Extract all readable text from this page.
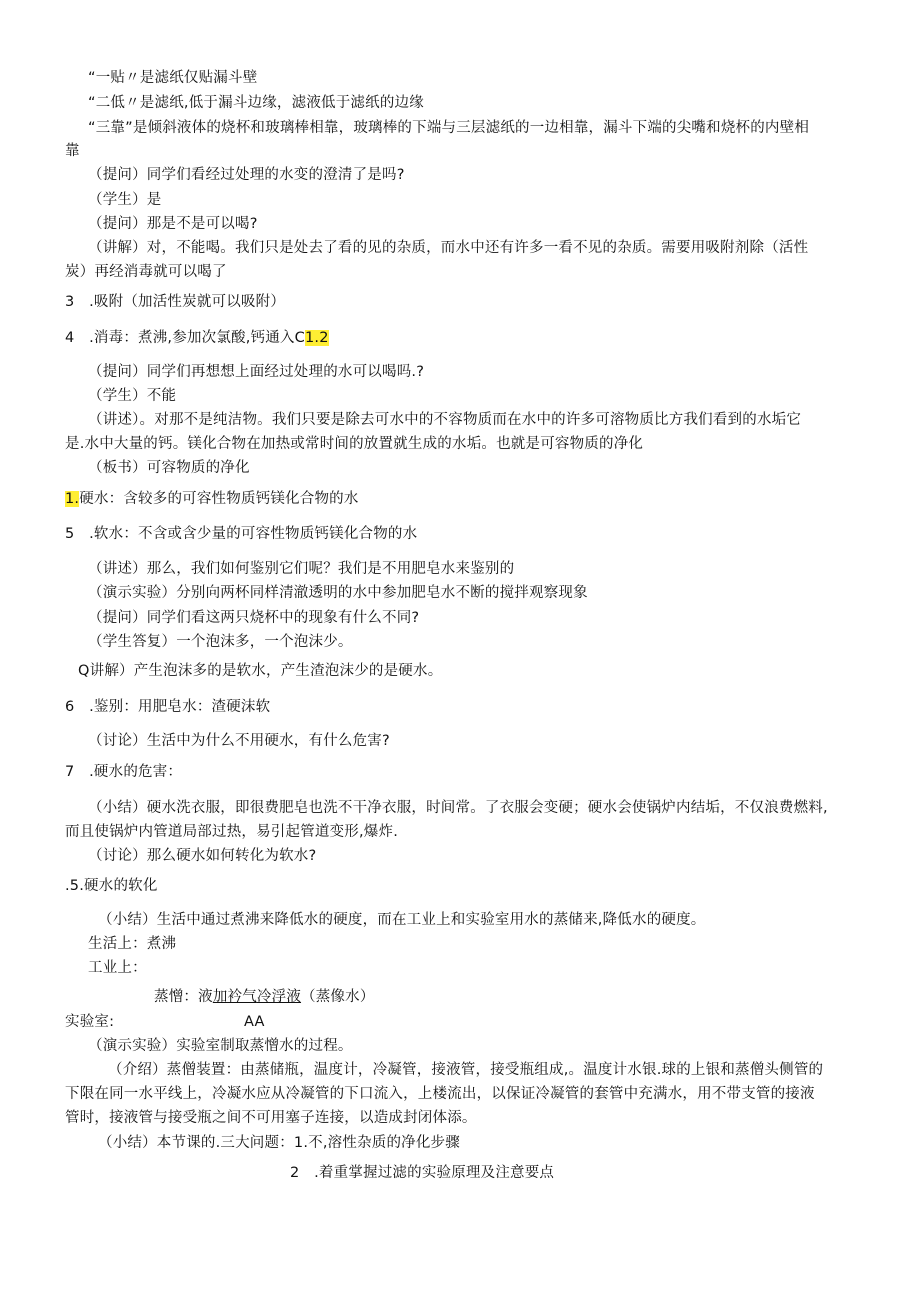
“一贴〃是滤纸仅贴漏斗壁
“二低〃是滤纸,低于漏斗边缘，滤液低于滤纸的边缘
“三靠”是倾斜液体的烧杯和玻璃棒相靠，玻璃棒的下端与三层滤纸的一边相靠，漏斗下端的尖嘴和烧杯的内壁相
靠
（提问）同学们看经过处理的水变的澄清了是吗?
（学生）是
（提问）那是不是可以喝?
（讲解）对，不能喝。我们只是处去了看的见的杂质，而水中还有许多一看不见的杂质。需要用吸附剂除（活性
炭）再经消毒就可以喝了
3　.吸附（加活性炭就可以吸附）
4　.消毒：煮沸,参加次氯酸,钙通入C1.2
（提问）同学们再想想上面经过处理的水可以喝吗.?
（学生）不能
（讲述）。对那不是纯洁物。我们只要是除去可水中的不容物质而在水中的许多可溶物质比方我们看到的水垢它
是.水中大量的钙。镁化合物在加热或常时间的放置就生成的水垢。也就是可容物质的净化
（板书）可容物质的净化
1.硬水：含较多的可容性物质钙镁化合物的水
5　.软水：不含或含少量的可容性物质钙镁化合物的水
（讲述）那么，我们如何鉴别它们呢？我们是不用肥皂水来鉴别的
（演示实验）分别向两杯同样清澈透明的水中参加肥皂水不断的搅拌观察现象
（提问）同学们看这两只烧杯中的现象有什么不同?
（学生答复）一个泡沫多，一个泡沫少。
Q讲解）产生泡沫多的是软水，产生渣泡沫少的是硬水。
6　.鉴别：用肥皂水：渣硬沫软
（讨论）生活中为什么不用硬水，有什么危害?
7　.硬水的危害：
（小结）硬水洗衣服，即很费肥皂也洗不干净衣服，时间常。了衣服会变硬；硬水会使锅炉内结垢，不仅浪费燃料,
而且使锅炉内管道局部过热，易引起管道变形,爆炸.
（讨论）那么硬水如何转化为软水?
.5.硬水的软化
（小结）生活中通过煮沸来降低水的硬度，而在工业上和实验室用水的蒸储来,降低水的硬度。
生活上：煮沸
工业上：
蒸憎：液加衿气冷浮液（蒸像水）
实验室:	AA
（演示实验）实验室制取蒸憎水的过程。
（介绍）蒸僧装置：由蒸储瓶，温度计，冷凝管，接液管，接受瓶组成,。温度计水银.球的上银和蒸僧头侧管的
下限在同一水平线上，冷凝水应从冷凝管的下口流入，上楼流出，以保证冷凝管的套管中充满水，用不带支管的接液
管时，接液管与接受瓶之间不可用塞子连接，以造成封闭体添。
（小结）本节课的.三大问题：1.不,溶性杂质的净化步骤
2　.着重掌握过滤的实验原理及注意要点
